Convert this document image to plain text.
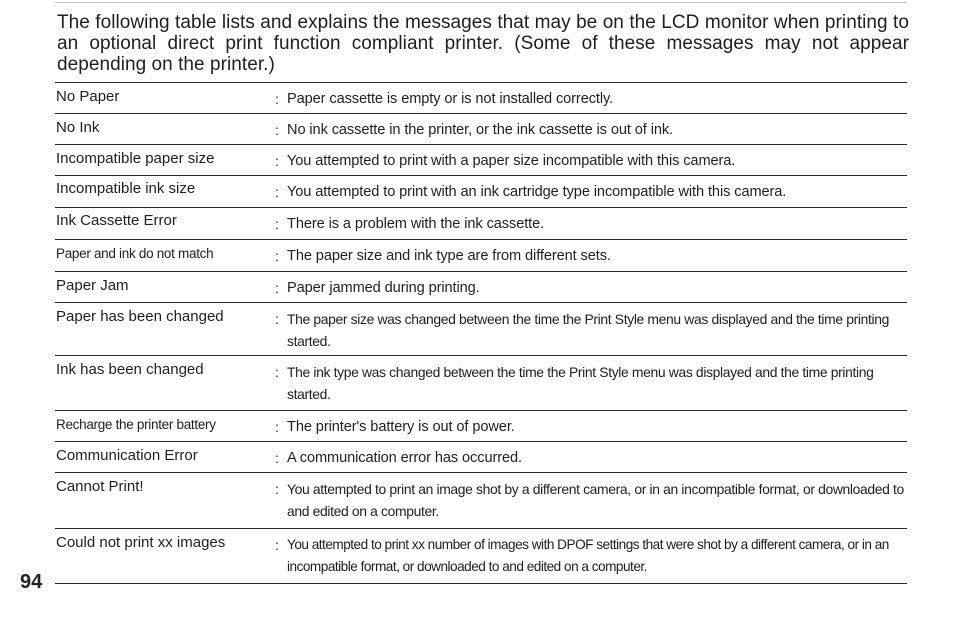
The following table lists and explains the messages that may be on the LCD monitor when printing to an optional direct print function compliant printer. (Some of these messages may not appear depending on the printer.)

No Paper	: Paper cassette is empty or is not installed correctly.
No Ink	: No ink cassette in the printer, or the ink cassette is out of ink.
Incompatible paper size	: You attempted to print with a paper size incompatible with this camera.
Incompatible ink size	: You attempted to print with an ink cartridge type incompatible with this camera.
Ink Cassette Error	: There is a problem with the ink cassette.
Paper and ink do not match	: The paper size and ink type are from different sets.
Paper Jam	: Paper jammed during printing.
Paper has been changed	: The paper size was changed between the time the Print Style menu was displayed and the time printing started.
Ink has been changed	: The ink type was changed between the time the Print Style menu was displayed and the time printing started.
Recharge the printer battery	: The printer's battery is out of power.
Communication Error	: A communication error has occurred.
Cannot Print!	: You attempted to print an image shot by a different camera, or in an incompatible format, or downloaded to and edited on a computer.
Could not print xx images	: You attempted to print xx number of images with DPOF settings that were shot by a different camera, or in an incompatible format, or downloaded to and edited on a computer.
94
